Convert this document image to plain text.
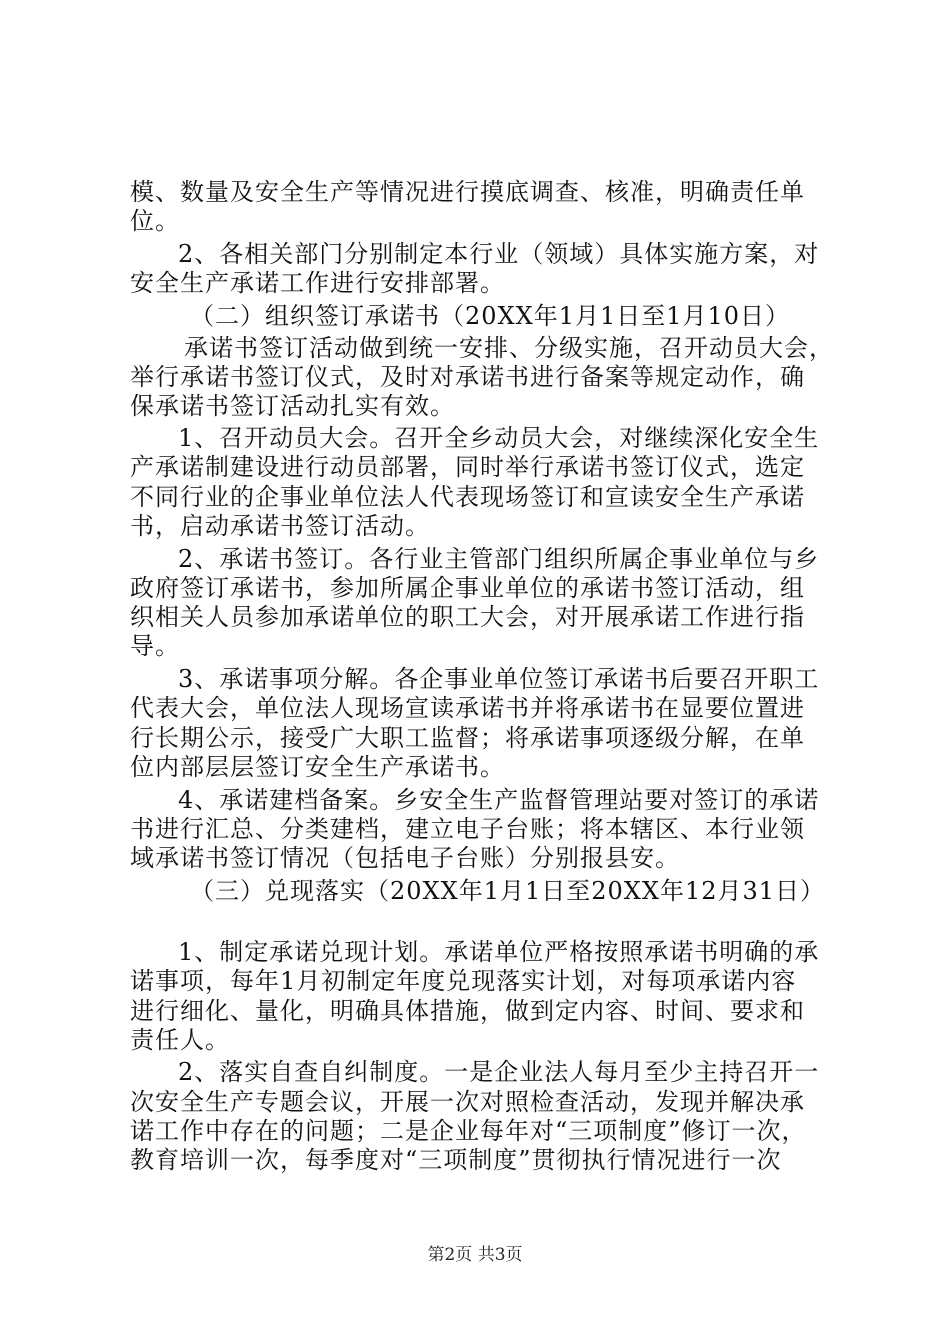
模、数量及安全生产等情况进行摸底调查、核准，明确责任单
位。
2、各相关部门分别制定本行业（领域）具体实施方案，对
安全生产承诺工作进行安排部署。
（二）组织签订承诺书（20XX年1月1日至1月10日）
承诺书签订活动做到统一安排、分级实施，召开动员大会，
举行承诺书签订仪式，及时对承诺书进行备案等规定动作，确
保承诺书签订活动扎实有效。
1、召开动员大会。召开全乡动员大会，对继续深化安全生
产承诺制建设进行动员部署，同时举行承诺书签订仪式，选定
不同行业的企事业单位法人代表现场签订和宣读安全生产承诺
书，启动承诺书签订活动。
2、承诺书签订。各行业主管部门组织所属企事业单位与乡
政府签订承诺书，参加所属企事业单位的承诺书签订活动，组
织相关人员参加承诺单位的职工大会，对开展承诺工作进行指
导。
3、承诺事项分解。各企事业单位签订承诺书后要召开职工
代表大会，单位法人现场宣读承诺书并将承诺书在显要位置进
行长期公示，接受广大职工监督；将承诺事项逐级分解，在单
位内部层层签订安全生产承诺书。
4、承诺建档备案。乡安全生产监督管理站要对签订的承诺
书进行汇总、分类建档，建立电子台账；将本辖区、本行业领
域承诺书签订情况（包括电子台账）分别报县安。
（三）兑现落实（20XX年1月1日至20XX年12月31日）
1、制定承诺兑现计划。承诺单位严格按照承诺书明确的承
诺事项，每年1月初制定年度兑现落实计划，对每项承诺内容
进行细化、量化，明确具体措施，做到定内容、时间、要求和
责任人。
2、落实自查自纠制度。一是企业法人每月至少主持召开一
次安全生产专题会议，开展一次对照检查活动，发现并解决承
诺工作中存在的问题；二是企业每年对“三项制度”修订一次，
教育培训一次，每季度对“三项制度”贯彻执行情况进行一次
第2页 共3页
